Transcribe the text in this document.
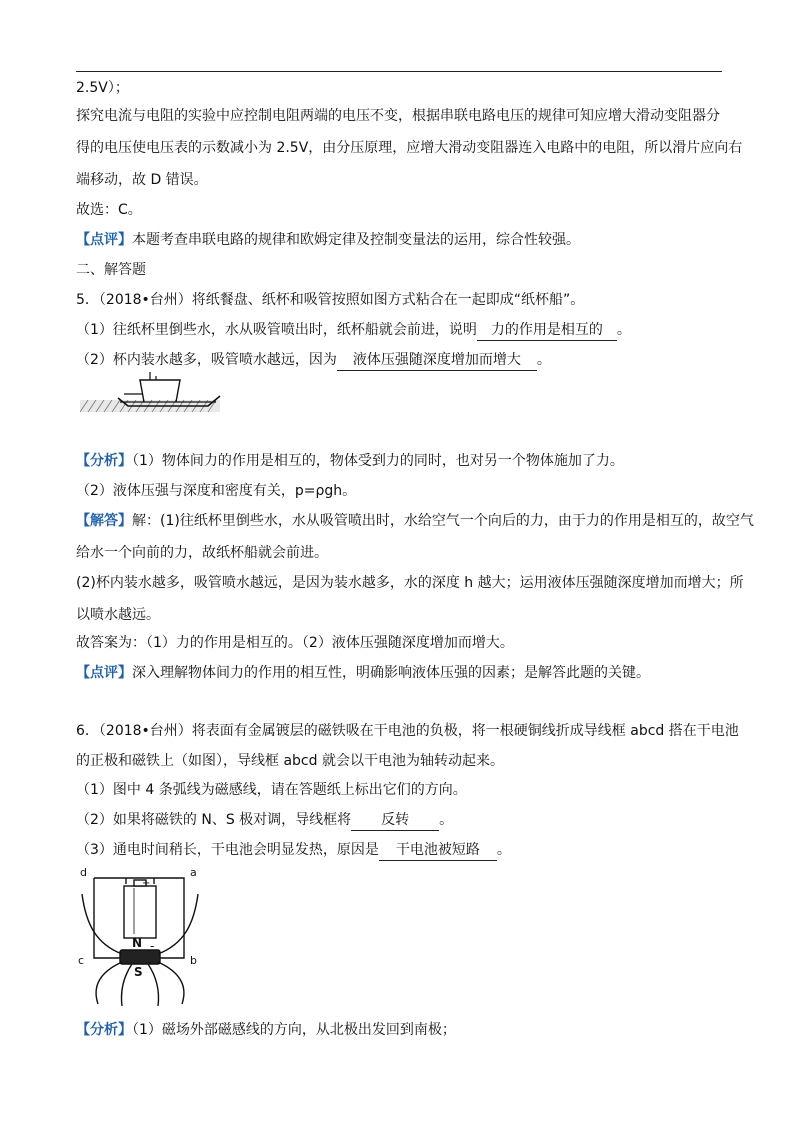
2.5V）；
探究电流与电阻的实验中应控制电阻两端的电压不变，根据串联电路电压的规律可知应增大滑动变阻器分
得的电压使电压表的示数减小为 2.5V，由分压原理，应增大滑动变阻器连入电路中的电阻，所以滑片应向右
端移动，故 D 错误。
故选：C。
【点评】本题考查串联电路的规律和欧姆定律及控制变量法的运用，综合性较强。
二、解答题
5．（2018•台州）将纸餐盘、纸杯和吸管按照如图方式粘合在一起即成“纸杯船”。
（1）往纸杯里倒些水，水从吸管喷出时，纸杯船就会前进，说明 力的作用是相互的 。
（2）杯内装水越多，吸管喷水越远，因为 液体压强随深度增加而增大 。
【分析】（1）物体间力的作用是相互的，物体受到力的同时，也对另一个物体施加了力。
（2）液体压强与深度和密度有关，p=ρgh。
【解答】解：(1)往纸杯里倒些水，水从吸管喷出时，水给空气一个向后的力，由于力的作用是相互的，故空气
给水一个向前的力，故纸杯船就会前进。
(2)杯内装水越多，吸管喷水越远，是因为装水越多，水的深度 h 越大；运用液体压强随深度增加而增大；所
以喷水越远。
故答案为：（1）力的作用是相互的。（2）液体压强随深度增加而增大。
【点评】深入理解物体间力的作用的相互性，明确影响液体压强的因素；是解答此题的关键。
6．（2018•台州）将表面有金属镀层的磁铁吸在干电池的负极，将一根硬铜线折成导线框 abcd 搭在干电池
的正极和磁铁上（如图），导线框 abcd 就会以干电池为轴转动起来。
（1）图中 4 条弧线为磁感线，请在答题纸上标出它们的方向。
（2）如果将磁铁的 N、S 极对调，导线框将 反转 。
（3）通电时间稍长，干电池会明显发热，原因是 干电池被短路 。
d	a
c	b
+
-
N
S
【分析】（1）磁场外部磁感线的方向，从北极出发回到南极；
